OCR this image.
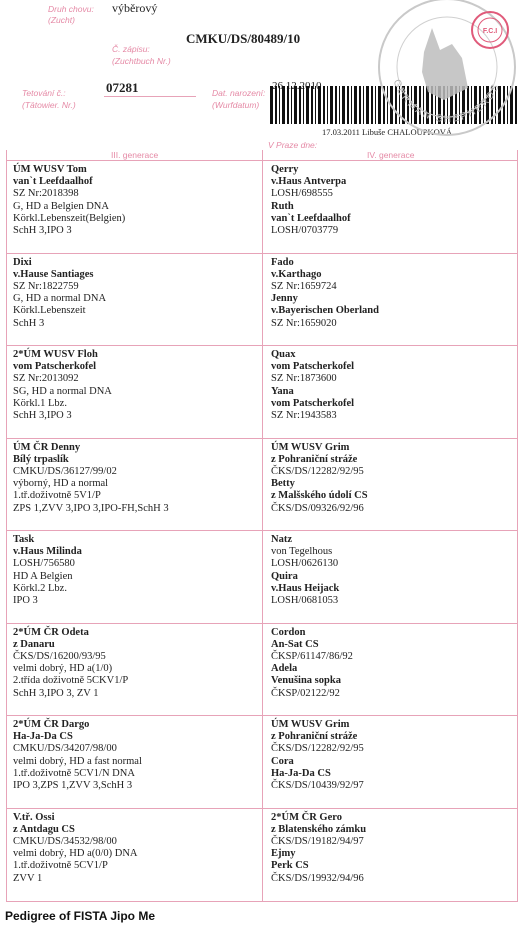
Druh chovu:
(Zucht)
výběrový
CMKU/DS/80489/10
Č. zápisu:
(Zuchtbuch Nr.)
Tetování č.:
(Tätowier. Nr.)
07281	Dat. narození:
(Wurfdatum)
17.03.2011 Libuše CHALOUPKOVÁ
V Praze dne:
GERMAN SHEPHERDS
F.C.I
III. generace	IV. generace
ÚM WUSV Tom
van`t Leefdaalhof
SZ Nr:2018398
G, HD a Belgien DNA
Körkl.Lebenszeit(Belgien)
SchH 3,IPO 3
Qerry
v.Haus Antverpa
LOSH/698555
Ruth
van`t Leefdaalhof
LOSH/0703779
Dixi
v.Hause Santiages
SZ Nr:1822759
G, HD a normal DNA
Körkl.Lebenszeit
SchH 3
Fado
v.Karthago
SZ Nr:1659724
Jenny
v.Bayerischen Oberland
SZ Nr:1659020
2*ÚM WUSV Floh
vom Patscherkofel
SZ Nr:2013092
SG, HD a normal DNA
Körkl.1 Lbz.
SchH 3,IPO 3
Quax
vom Patscherkofel
SZ Nr:1873600
Yana
vom Patscherkofel
SZ Nr:1943583
ÚM ČR Denny
Bílý trpaslík
CMKU/DS/36127/99/02
výborný, HD a normal
1.tř.doživotně 5V1/P
ZPS 1,ZVV 3,IPO 3,IPO-FH,SchH 3
ÚM WUSV Grim
z Pohraniční stráže
ČKS/DS/12282/92/95
Betty
z Malšského údolí CS
ČKS/DS/09326/92/96
Task
v.Haus Milinda
LOSH/756580
HD A Belgien
Körkl.2 Lbz.
IPO 3
Natz
von Tegelhous
LOSH/0626130
Quira
v.Haus Heijack
LOSH/0681053
2*ÚM ČR Odeta
z Danaru
ČKS/DS/16200/93/95
velmi dobrý, HD a(1/0)
2.třída doživotně 5CKV1/P
SchH 3,IPO 3, ZV 1
Cordon
An-Sat CS
ČKSP/61147/86/92
Adela
Venušina sopka
ČKSP/02122/92
2*ÚM ČR Dargo
Ha-Ja-Da CS
CMKU/DS/34207/98/00
velmi dobrý, HD a fast normal
1.tř.doživotně 5CV1/N DNA
IPO 3,ZPS 1,ZVV 3,SchH 3
ÚM WUSV Grim
z Pohraniční stráže
ČKS/DS/12282/92/95
Cora
Ha-Ja-Da CS
ČKS/DS/10439/92/97
V.tř. Ossi
z Antdagu CS
CMKU/DS/34532/98/00
velmi dobrý, HD a(0/0) DNA
1.tř.doživotně 5CV1/P
ZVV 1
2*ÚM ČR Gero
z Blatenského zámku
ČKS/DS/19182/94/97
Ejmy
Perk CS
ČKS/DS/19932/94/96
Pedigree of FISTA Jipo Me
